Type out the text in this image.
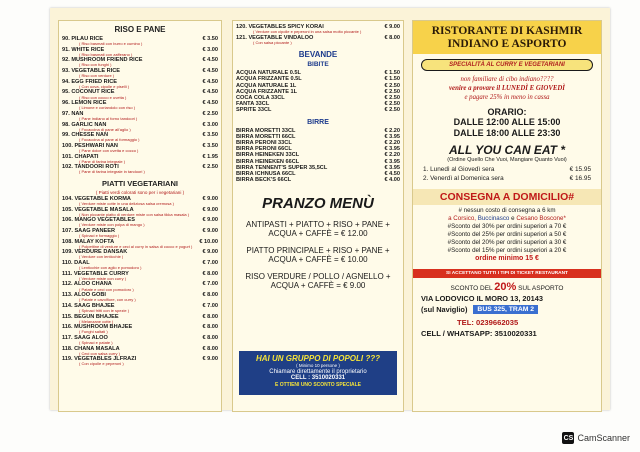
RISO E PANE
90. PILAU RICE	€ 3.50
( Riso basmati con burro e cumino )
91. WHITE RICE	€ 3.00
( Riso basmati con zafferano )
92. MUSHROOM FRIEND RICE	€ 4.50
( Riso con funghi )
93. VEGETABLE RICE	€ 4.50
( Riso con verdure )
94. EGG FRIED RICE	€ 4.50
( Con uova, cipolle e piselli )
95. COCONUT RICE	€ 4.50
( Riso con cocco e uvetta )
96. LEMON RICE	€ 4.50
( Limone e coriandolo con riso )
97. NAN	€ 2.50
( Pane indiano al forno tandoori )
98. GARLIC NAN	€ 3.00
( Focaccina di pane all'aglio )
99. CHESSE NAN	€ 3.50
( Focaccina al pane al formaggio )
100. PESHWARI NAN	€ 3.50
( Pane dolce con uvetta e cocco )
101. CHAPATI	€ 1.95
( Pane di farina integrale )
102. TANDOORI ROTI	€ 2.50
( Pane di farina integrale in tandoori )
PIATTI VEGETARIANI
( Piatti verdi colorati sono per i vegetariani )
104. VEGETABLE KORMA	€ 9.00
( Verdure miste cotte in una deliziosa salsa cremosa )
105. VEGETABLE MASALA	€ 9.00
( Non piccante piatto di verdure miste con salsa tikka masala )
106. MANGO VEGETABLES	€ 9.00
( Verdure miste con polpa di mango )
107. SAAG PANEER	€ 9.00
( Spinaci e formaggio )
108. MALAY KOFTA	€ 10.00
( Polpettine di verdure e ceci al curry in salsa di cocco e yogurt )
109. VERDURE DANSAK	€ 9.00
( Verdure con lenticchie )
110. DAAL	€ 7.00
( Lenticchie con aglio e pomodoro )
111. VEGETABLE CURRY	€ 8.00
( Verdure miste con curry )
112. ALOO CHANA	€ 7.00
( Patate e ceci con pomodoro )
113. ALOO GOBI	€ 8.00
( Patate e cavolfiore, con curry )
114. SAAG BHAJEE	€ 7.00
( Spinaci fritti con le spezie )
115. BEGUN BHAJEE	€ 8.00
( Melanzane cotte )
116. MUSHROOM BHAJEE	€ 8.00
( Funghi saltati )
117. SAAG ALOO	€ 8.00
( Spinaci e patate )
118. CHANA MASALA	€ 8.00
( Ceci con salsa curry )
119. VEGETABLES JLFRAZI	€ 9.00
( Con cipolle e peperoni )
120. VEGETABLES SPICY KORAI	€ 9.00
( Verdure con cipolle e peperoni in una salsa molto piccante )
121. VEGETABLE VINDALOO	€ 8.00
( Con salsa piccante )
BEVANDE
BIBITE
ACQUA NATURALE 0.5L	€ 1.50
ACQUA FRIZZANTE 0.5L	€ 1.50
ACQUA NATURALE 1L	€ 2.50
ACQUA FRIZZANTE 1L	€ 2.50
COCA COLA 33CL	€ 2.50
FANTA 33CL	€ 2.50
SPRITE 33CL	€ 2.50
BIRRE
BIRRA MORETTI 33CL	€ 2.20
BIRRA MORETTI 66CL	€ 3.95
BIRRA PERONI 33CL	€ 2.20
BIRRA PERONI 66CL	€ 3.95
BIRRA HEINEKEN 33CL	€ 2.20
BIRRA HEINEKEN 66CL	€ 3.95
BIRRA TENNENT'S SUPER 35,5CL	€ 3.95
BIRRA ICHNUSA 66CL	€ 4.50
BIRRA BECK'S 66CL	€ 4.00
PRANZO MENÙ
ANTIPASTI + PIATTO + RISO + PANE + ACQUA + CAFFÈ = € 12.00
PIATTO PRINCIPALE + RISO + PANE + ACQUA + CAFFÈ = € 10.00
RISO VERDURE / POLLO / AGNELLO + ACQUA + CAFFÈ = € 9.00
HAI UN GRUPPO DI POPOLI ???
( Minimo 10 persone )
Chiamare direttamente il proprietario
CELL : 3510020331
E OTTIENI UNO SCONTO SPECIALE
RISTORANTE DI KASHMIR
INDIANO E ASPORTO
SPECIALITÀ AL CURRY E VEGETARIANI
non familiare di cibo indiano????
venire a provare il LUNEDÌ E GIOVEDÌ
e pagare 25% in meno in cassa
ORARIO:
DALLE 12:00 ALLE 15:00
DALLE 18:00 ALLE 23:30
ALL YOU CAN EAT *
(Ordine Quello Che Vuoi, Mangiare Quanto Vuoi)
1. Lunedì al Giovedì sera	€ 15.95
2. Venerdì al Domenica sera	€ 16.95
CONSEGNA A DOMICILIO#
# nessun costo di consegna a 6 km
a Corsico, Buccinasco e Cesano Boscone*
#Sconto del 30% per ordini superiori a 70 €
#Sconto del 25% per ordini superiori a 50 €
#Sconto del 20% per ordini superiori a 30 €
#Sconto del 15% per ordini superiori a 20 €
ordine minimo 15 €
SI ACCETTANO TUTTI I TIPI DI TICKET RESTAURANT
SCONTO DEL 20% SUL ASPORTO
VIA LODOVICO IL MORO 13, 20143
(sul Naviglio)	BUS 325, TRAM 2
TEL: 0239662035
CELL / WHATSAPP: 3510020331
CS CamScanner
